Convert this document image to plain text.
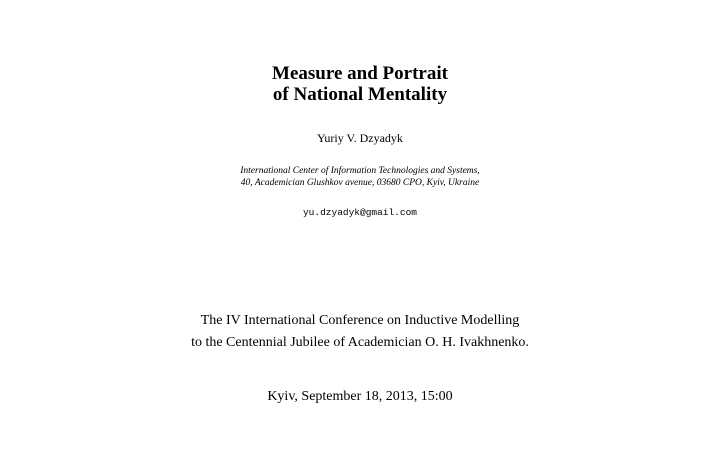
Measure and Portrait
of National Mentality
Yuriy V. Dzyadyk
International Center of Information Technologies and Systems,
40, Academician Glushkov avenue, 03680 CPO, Kyiv, Ukraine
yu.dzyadyk@gmail.com
The IV International Conference on Inductive Modelling
to the Centennial Jubilee of Academician O. H. Ivakhnenko.
Kyiv, September 18, 2013, 15:00
